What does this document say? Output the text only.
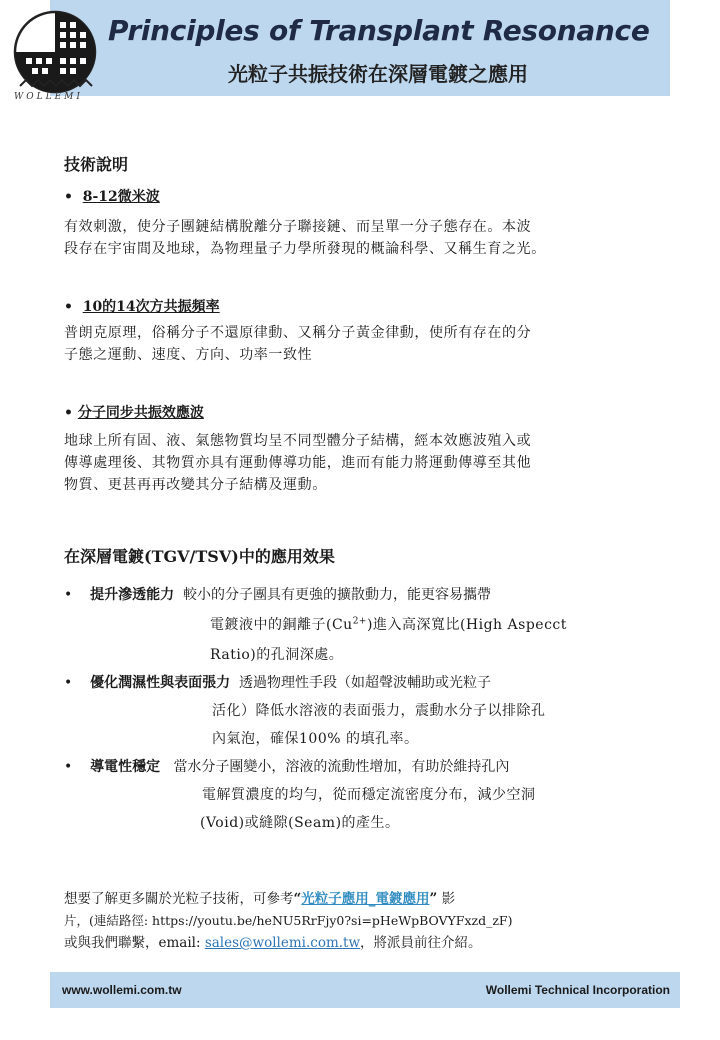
WOLLEMI
Principles of Transplant Resonance
光粒子共振技術在深層電鍍之應用
技術說明
• 8-12微米波
有效刺激，使分子團鏈結構脫離分子聯接鏈、而呈單一分子態存在。本波
段存在宇宙間及地球，為物理量子力學所發現的概論科學、又稱生育之光。
• 10的14次方共振頻率
普朗克原理，俗稱分子不還原律動、又稱分子黃金律動，使所有存在的分
子態之運動、速度、方向、功率一致性
• 分子同步共振效應波
地球上所有固、液、氣態物質均呈不同型體分子結構，經本效應波殖入或
傳導處理後、其物質亦具有運動傳導功能，進而有能力將運動傳導至其他
物質、更甚再再改變其分子結構及運動。
在深層電鍍(TGV/TSV)中的應用效果
• 提升滲透能力 較小的分子團具有更強的擴散動力，能更容易攜帶
電鍍液中的銅離子$(Cu^{2+})$進入高深寬比(High Aspecct
Ratio)的孔洞深處。
• 優化潤濕性與表面張力 透過物理性手段（如超聲波輔助或光粒子
活化）降低水溶液的表面張力，震動水分子以排除孔
內氣泡，確保100% 的填孔率。
• 導電性穩定 當水分子團變小，溶液的流動性增加，有助於維持孔內
電解質濃度的均勻，從而穩定流密度分布，減少空洞
(Void)或縫隙(Seam)的產生。
想要了解更多關於光粒子技術，可參考“光粒子應用_電鍍應用” 影
片，(連結路徑: https://youtu.be/heNU5RrFjy0?si=pHeWpBOVYFxzd_zF)
或與我們聯繫，email: sales@wollemi.com.tw，將派員前往介紹。
www.wollemi.com.tw	Wollemi Technical Incorporation
